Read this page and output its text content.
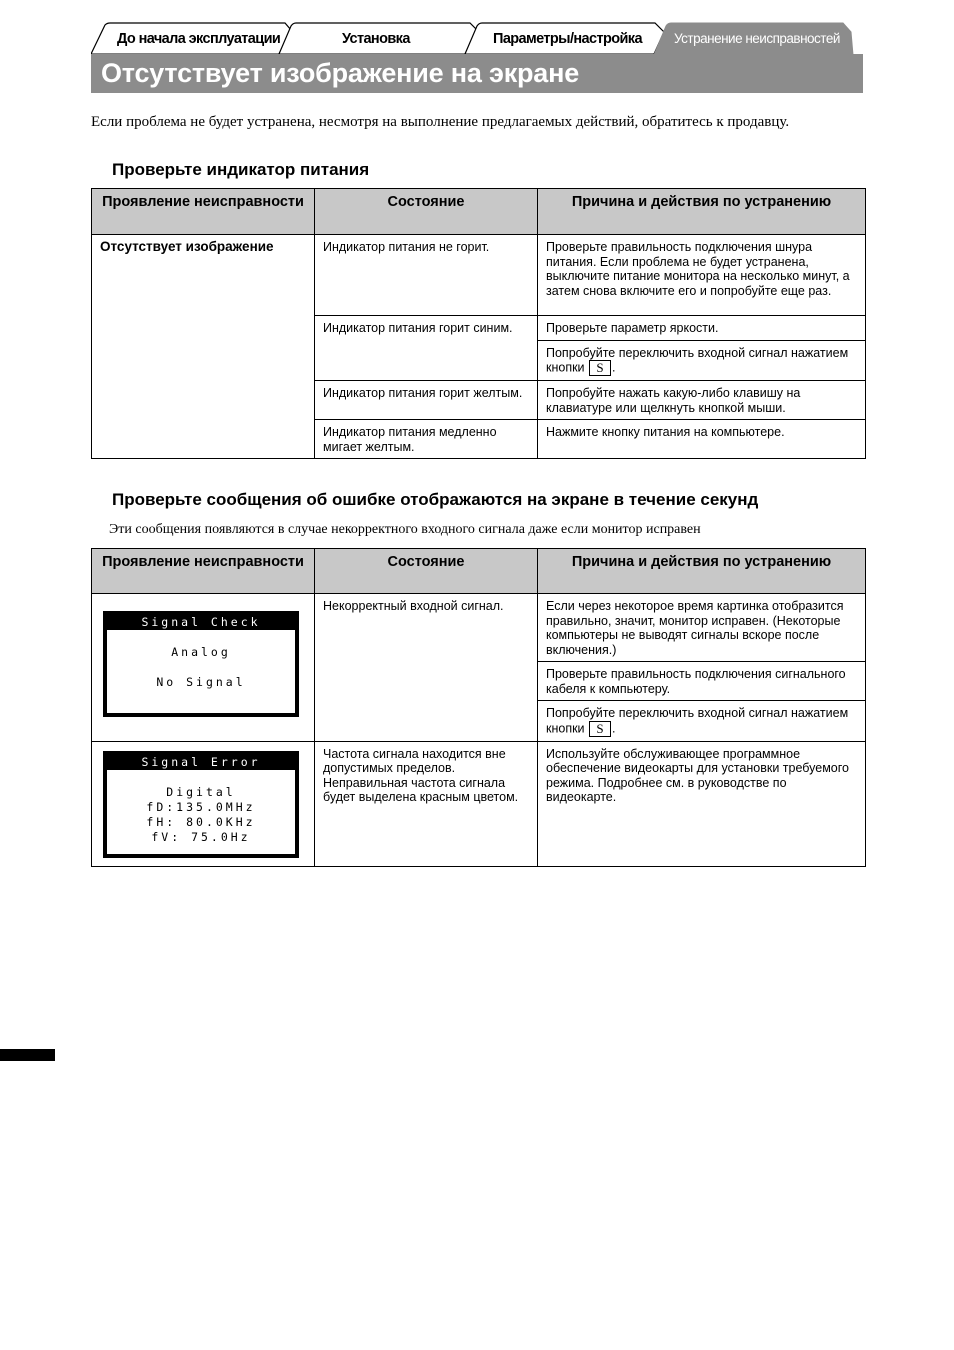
До начала эксплуатации	Установка	Параметры/настройка Устранение неисправностей
Отсутствует изображение на экране
Если проблема не будет устранена, несмотря на выполнение предлагаемых действий, обратитесь к продавцу.
Проверьте индикатор питания
Проявление неисправности	Состояние	Причина и действия по устранению
Отсутствует изображение	Индикатор питания не горит.	Проверьте правильность подключения шнура питания. Если проблема не будет устранена, выключите питание монитора на несколько минут, а затем снова включите его и попробуйте еще раз.
	Индикатор питания горит синим.	Проверьте параметр яркости.
		Попробуйте переключить входной сигнал нажатием кнопки S .
	Индикатор питания горит желтым.	Попробуйте нажать какую-либо клавишу на клавиатуре или щелкнуть кнопкой мыши.
	Индикатор питания медленно мигает желтым.	Нажмите кнопку питания на компьютере.
Проверьте сообщения об ошибке отображаются на экране в течение секунд
Эти сообщения появляются в случае некорректного входного сигнала даже если монитор исправен
Проявление неисправности	Состояние	Причина и действия по устранению

Signal Check
Analog
No Signal	Некорректный входной сигнал.	Если через некоторое время картинка отобразится правильно, значит, монитор исправен. (Некоторые компьютеры не выводят сигналы вскоре после включения.)
		Проверьте правильность подключения сигнального кабеля к компьютеру.
		Попробуйте переключить входной сигнал нажатием кнопки S .

Signal Error
Digital
fD:135.0MHz
fH: 80.0KHz
fV: 75.0Hz	Частота сигнала находится вне допустимых пределов. Неправильная частота сигнала будет выделена красным цветом.	Используйте обслуживающее программное обеспечение видеокарты для установки требуемого режима. Подробнее см. в руководстве по видеокарте.
